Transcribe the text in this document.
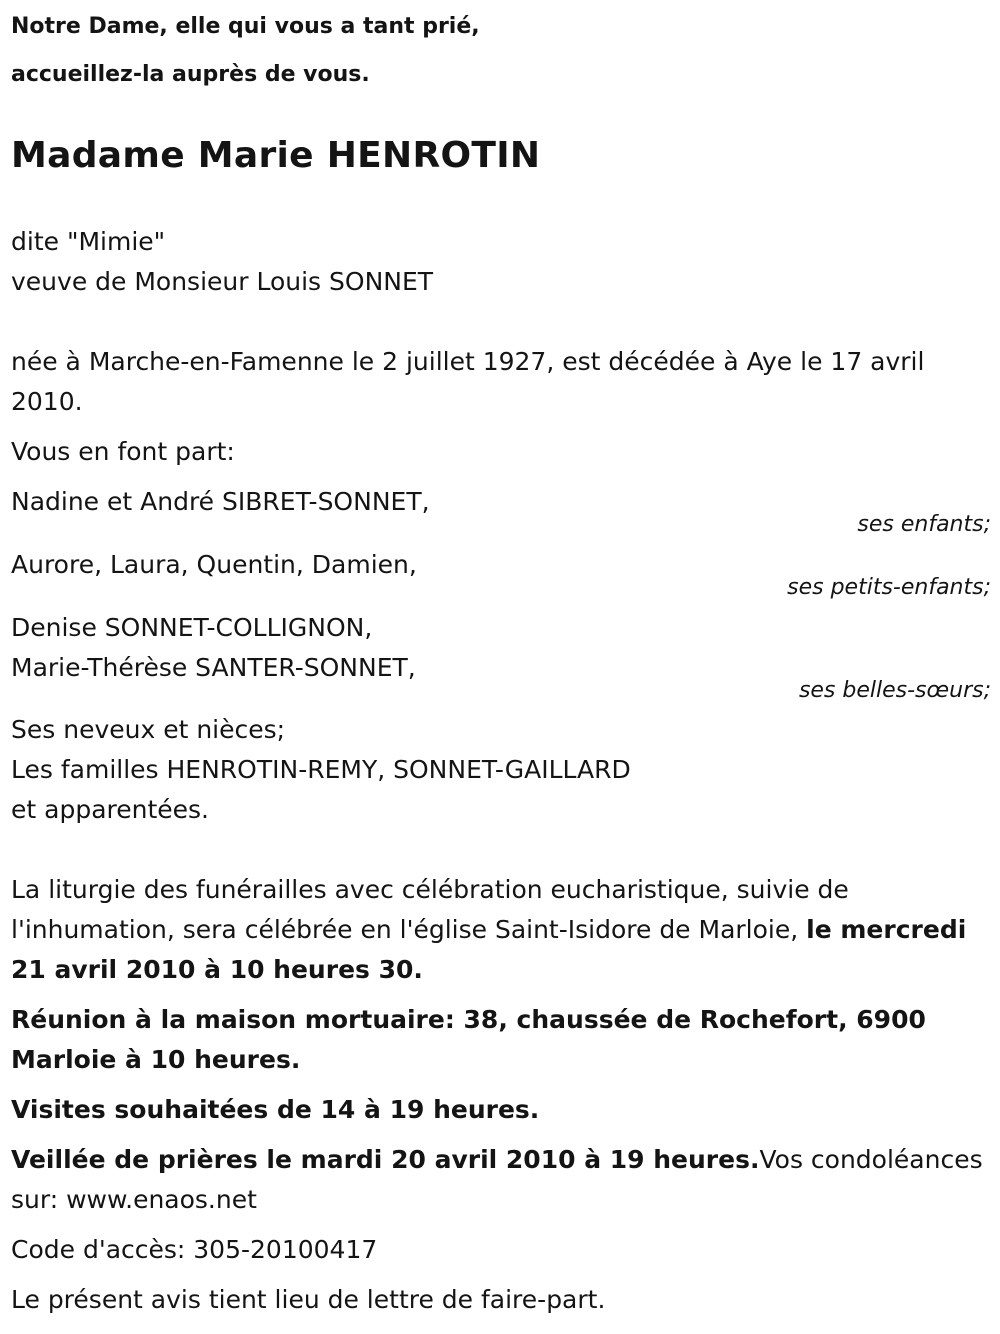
Notre Dame, elle qui vous a tant prié,
accueillez-la auprès de vous.
Madame Marie HENROTIN
dite "Mimie"
veuve de Monsieur Louis SONNET
née à Marche-en-Famenne le 2 juillet 1927, est décédée à Aye le 17 avril 2010.
Vous en font part:
Nadine et André SIBRET-SONNET,
ses enfants;
Aurore, Laura, Quentin, Damien,
ses petits-enfants;
Denise SONNET-COLLIGNON,
Marie-Thérèse SANTER-SONNET,
ses belles-sœurs;
Ses neveux et nièces;
Les familles HENROTIN-REMY, SONNET-GAILLARD
et apparentées.
La liturgie des funérailles avec célébration eucharistique, suivie de l'inhumation, sera célébrée en l'église Saint-Isidore de Marloie, le mercredi 21 avril 2010 à 10 heures 30.
Réunion à la maison mortuaire: 38, chaussée de Rochefort, 6900 Marloie à 10 heures.
Visites souhaitées de 14 à 19 heures.
Veillée de prières le mardi 20 avril 2010 à 19 heures.Vos condoléances sur: www.enaos.net
Code d'accès: 305-20100417
Le présent avis tient lieu de lettre de faire-part.
